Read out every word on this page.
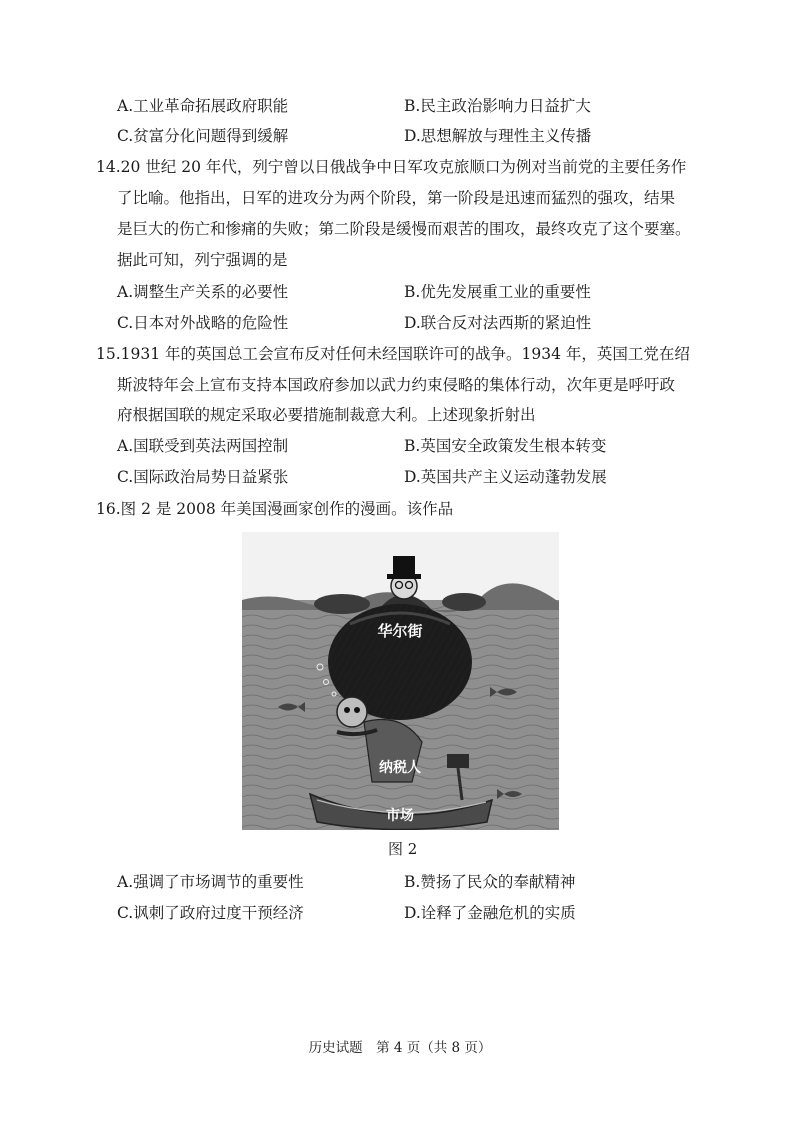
A.工业革命拓展政府职能	B.民主政治影响力日益扩大
C.贫富分化问题得到缓解	D.思想解放与理性主义传播
14.20 世纪 20 年代，列宁曾以日俄战争中日军攻克旅顺口为例对当前党的主要任务作
了比喻。他指出，日军的进攻分为两个阶段，第一阶段是迅速而猛烈的强攻，结果
是巨大的伤亡和惨痛的失败；第二阶段是缓慢而艰苦的围攻，最终攻克了这个要塞。
据此可知，列宁强调的是
A.调整生产关系的必要性	B.优先发展重工业的重要性
C.日本对外战略的危险性	D.联合反对法西斯的紧迫性
15.1931 年的英国总工会宣布反对任何未经国联许可的战争。1934 年，英国工党在绍
斯波特年会上宣布支持本国政府参加以武力约束侵略的集体行动，次年更是呼吁政
府根据国联的规定采取必要措施制裁意大利。上述现象折射出
A.国联受到英法两国控制	B.英国安全政策发生根本转变
C.国际政治局势日益紧张	D.英国共产主义运动蓬勃发展
16.图 2 是 2008 年美国漫画家创作的漫画。该作品
华尔街
纳税人
市场
图 2
A.强调了市场调节的重要性	B.赞扬了民众的奉献精神
C.讽刺了政府过度干预经济	D.诠释了金融危机的实质
历史试题　第 4 页（共 8 页）
